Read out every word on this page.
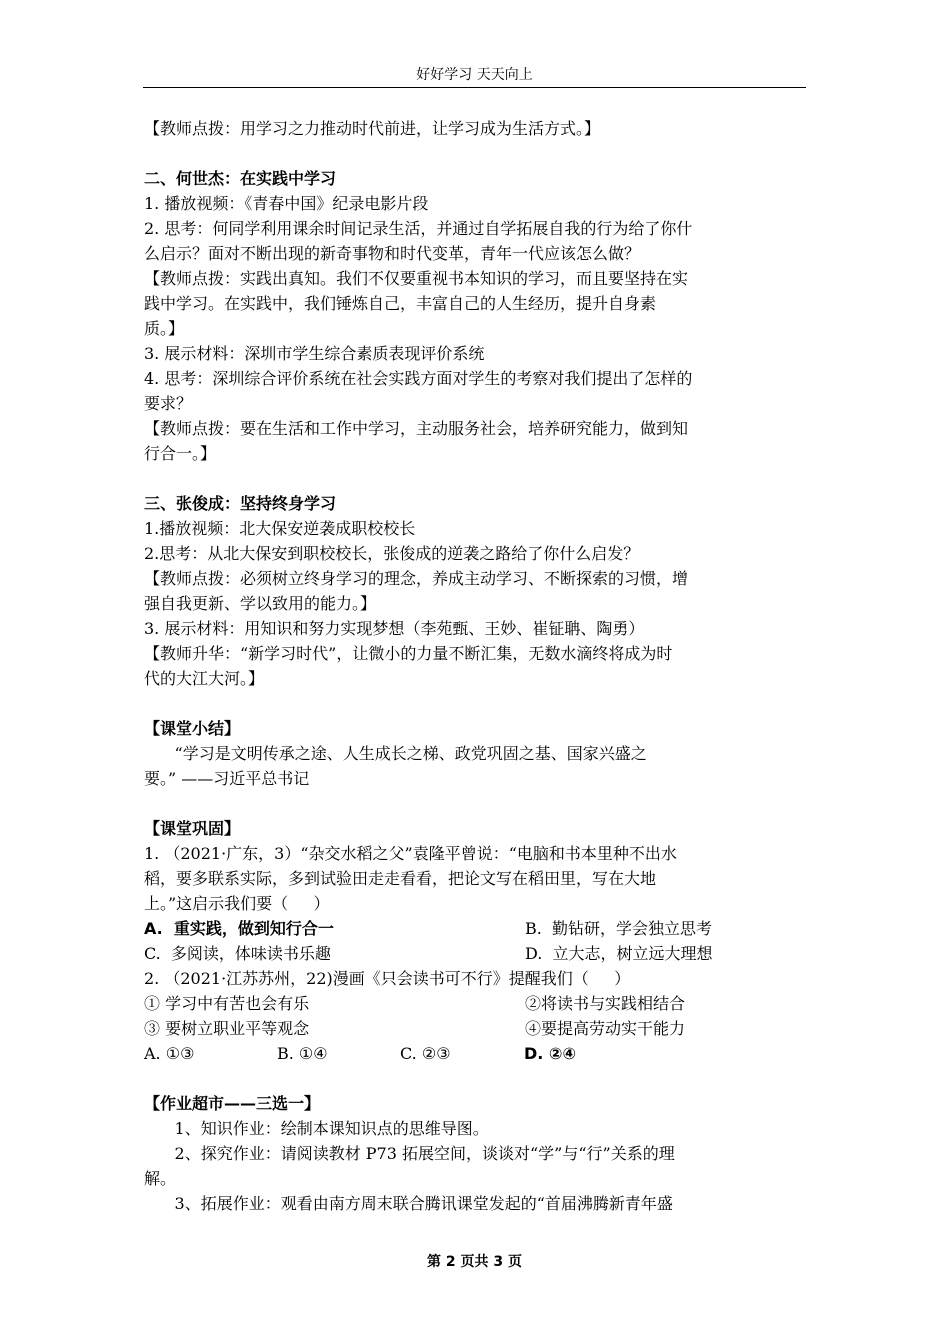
好好学习 天天向上
【教师点拨：用学习之力推动时代前进，让学习成为生活方式。】
二、何世杰：在实践中学习
1. 播放视频：《青春中国》纪录电影片段
2. 思考：何同学利用课余时间记录生活，并通过自学拓展自我的行为给了你什
么启示？面对不断出现的新奇事物和时代变革，青年一代应该怎么做？
【教师点拨：实践出真知。我们不仅要重视书本知识的学习，而且要坚持在实
践中学习。在实践中，我们锤炼自己，丰富自己的人生经历，提升自身素
质。】
3. 展示材料：深圳市学生综合素质表现评价系统
4. 思考：深圳综合评价系统在社会实践方面对学生的考察对我们提出了怎样的
要求？
【教师点拨：要在生活和工作中学习，主动服务社会，培养研究能力，做到知
行合一。】
三、张俊成：坚持终身学习
1.播放视频：北大保安逆袭成职校校长
2.思考：从北大保安到职校校长，张俊成的逆袭之路给了你什么启发？
【教师点拨：必须树立终身学习的理念，养成主动学习、不断探索的习惯，增
强自我更新、学以致用的能力。】
3. 展示材料：用知识和努力实现梦想（李苑甄、王妙、崔钲聃、陶勇）
【教师升华：“新学习时代”，让微小的力量不断汇集，无数水滴终将成为时
代的大江大河。】
【课堂小结】
“学习是文明传承之途、人生成长之梯、政党巩固之基、国家兴盛之
要。” ——习近平总书记
【课堂巩固】
1. （2021·广东，3）“杂交水稻之父”袁隆平曾说：“电脑和书本里种不出水
稻，要多联系实际，多到试验田走走看看，把论文写在稻田里，写在大地
上。”这启示我们要（     ）
A.  重实践，做到知行合一	B.  勤钻研，学会独立思考
C.  多阅读，体味读书乐趣	D.  立大志，树立远大理想
2. （2021·江苏苏州，22)漫画《只会读书可不行》提醒我们（     ）
① 学习中有苦也会有乐	②将读书与实践相结合
③ 要树立职业平等观念	④要提高劳动实干能力
A. ①③	B. ①④	C. ②③	D. ②④
【作业超市——三选一】
1、知识作业：绘制本课知识点的思维导图。
2、探究作业：请阅读教材 P73 拓展空间，谈谈对“学”与“行”关系的理
解。
3、拓展作业：观看由南方周末联合腾讯课堂发起的“首届沸腾新青年盛
第 2 页共 3 页
